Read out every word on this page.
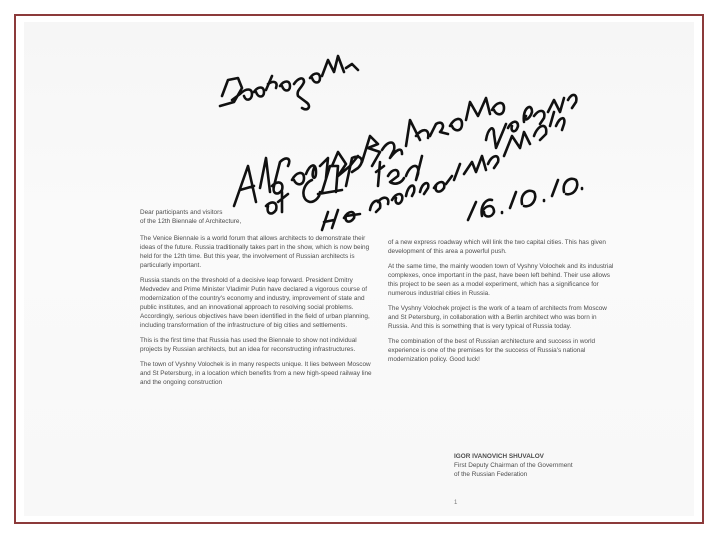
Dear participants and visitors

of the 12th Biennale of Architecture,

The Venice Biennale is a world forum that allows architects to demonstrate their ideas of the future. Russia traditionally takes part in the show, which is now being held for the 12th time. But this year, the involvement of Russian architects is particularly important.

Russia stands on the threshold of a decisive leap forward. President Dmitry Medvedev and Prime Minister Vladimir Putin have declared a vigorous course of modernization of the country's economy and industry, improvement of state and public institutes, and an innovational approach to resolving social problems. Accordingly, serious objectives have been identified in the field of urban planning, including transformation of the infrastructure of big cities and settlements.

This is the first time that Russia has used the Biennale to show not individual projects by Russian architects, but an idea for reconstructing infrastructures.

The town of Vyshny Volochek is in many respects unique. It lies between Moscow and St Petersburg, in a location which benefits from a new high-speed railway line and the ongoing construction

of a new express roadway which will link the two capital cities. This has given development of this area a powerful push.

At the same time, the mainly wooden town of Vyshny Volochek and its industrial complexes, once important in the past, have been left behind. Their use allows this project to be seen as a model experiment, which has a significance for numerous industrial cities in Russia.

The Vyshny Volochek project is the work of a team of architects from Moscow and St Petersburg, in collaboration with a Berlin architect who was born in Russia. And this is something that is very typical of Russia today.

The combination of the best of Russian architecture and success in world experience is one of the premises for the success of Russia's national modernization policy. Good luck!

IGOR IVANOVICH SHUVALOV

First Deputy Chairman of the Government

of the Russian Federation

1
